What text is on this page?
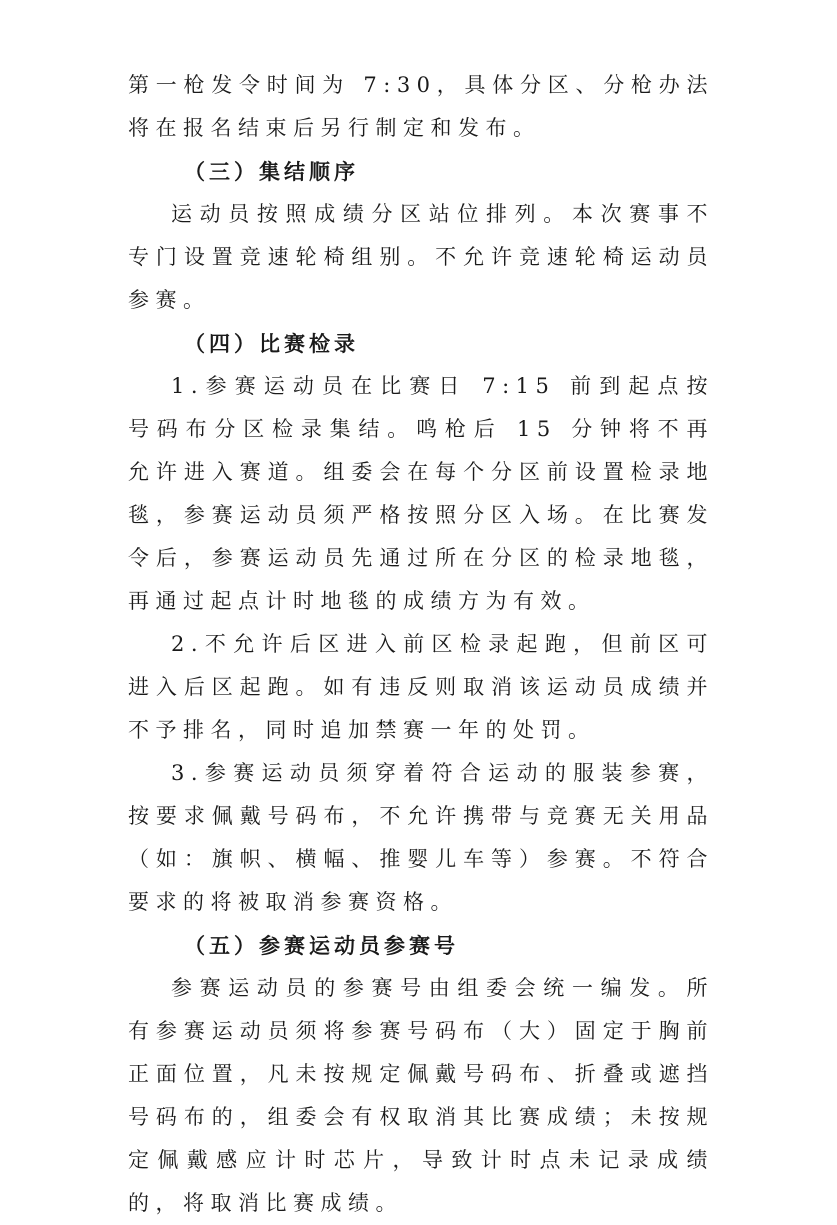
第一枪发令时间为 7:30，具体分区、分枪办法将在报名结束后另行制定和发布。

（三）集结顺序

运动员按照成绩分区站位排列。本次赛事不专门设置竞速轮椅组别。不允许竞速轮椅运动员参赛。

（四）比赛检录

1.参赛运动员在比赛日 7:15 前到起点按号码布分区检录集结。鸣枪后 15 分钟将不再允许进入赛道。组委会在每个分区前设置检录地毯，参赛运动员须严格按照分区入场。在比赛发令后，参赛运动员先通过所在分区的检录地毯，再通过起点计时地毯的成绩方为有效。

2.不允许后区进入前区检录起跑，但前区可进入后区起跑。如有违反则取消该运动员成绩并不予排名，同时追加禁赛一年的处罚。

3.参赛运动员须穿着符合运动的服装参赛，按要求佩戴号码布，不允许携带与竞赛无关用品（如：旗帜、横幅、推婴儿车等）参赛。不符合要求的将被取消参赛资格。

（五）参赛运动员参赛号

参赛运动员的参赛号由组委会统一编发。所有参赛运动员须将参赛号码布（大）固定于胸前正面位置，凡未按规定佩戴号码布、折叠或遮挡号码布的，组委会有权取消其比赛成绩；未按规定佩戴感应计时芯片，导致计时点未记录成绩的，将取消比赛成绩。
